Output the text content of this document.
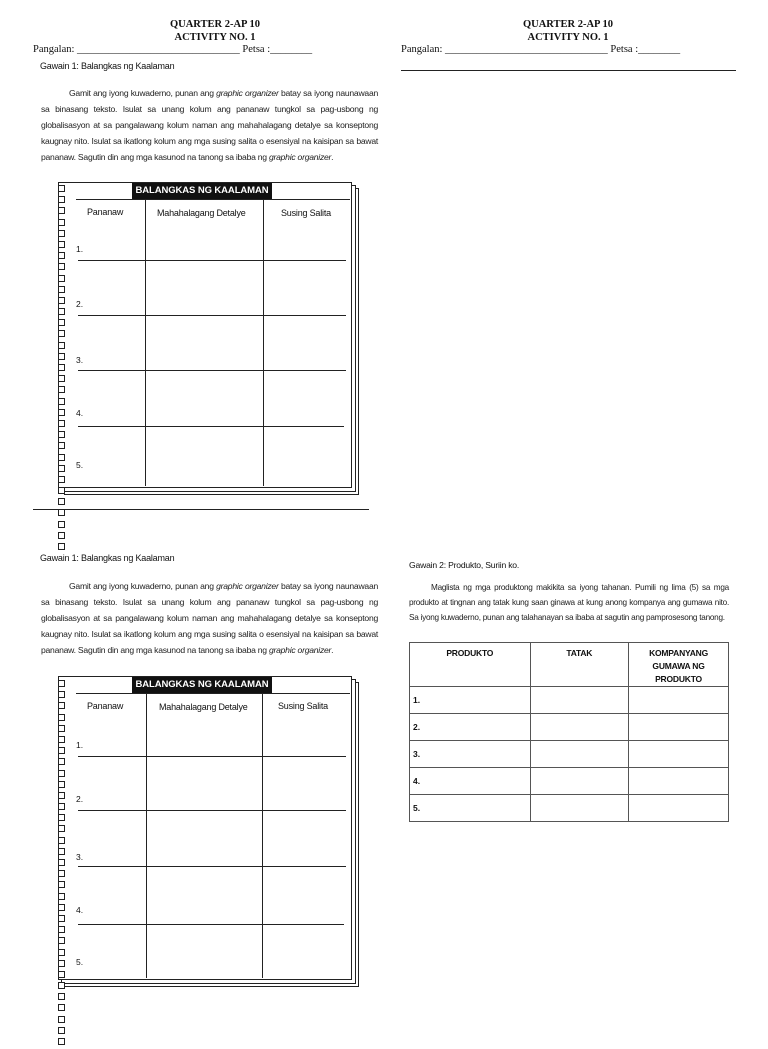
QUARTER 2-AP 10
ACTIVITY NO. 1
Pangalan: _______________________________ Petsa :________
QUARTER 2-AP 10
ACTIVITY NO. 1
Pangalan: _______________________________ Petsa :________
Gawain 1: Balangkas ng Kaalaman
Gamit ang iyong kuwaderno, punan ang graphic organizer batay sa iyong naunawaan sa binasang teksto. Isulat sa unang kolum ang pananaw tungkol sa pag-usbong ng globalisasyon at sa pangalawang kolum naman ang mahahalagang detalye sa konseptong kaugnay nito. Isulat sa ikatlong kolum ang mga susing salita o esensiyal na kaisipan sa bawat pananaw. Sagutin din ang mga kasunod na tanong sa ibaba ng graphic organizer.
BALANGKAS NG KAALAMAN
Pananaw	Mahahalagang Detalye	Susing Salita
1.
2.
3.
4.
5.
Gawain 1: Balangkas ng Kaalaman
Gamit ang iyong kuwaderno, punan ang graphic organizer batay sa iyong naunawaan sa binasang teksto. Isulat sa unang kolum ang pananaw tungkol sa pag-usbong ng globalisasyon at sa pangalawang kolum naman ang mahahalagang detalye sa konseptong kaugnay nito. Isulat sa ikatlong kolum ang mga susing salita o esensiyal na kaisipan sa bawat pananaw. Sagutin din ang mga kasunod na tanong sa ibaba ng graphic organizer.
BALANGKAS NG KAALAMAN
Pananaw	Mahahalagang Detalye	Susing Salita
1.
2.
3.
4.
5.
Gawain 2: Produkto, Suriin ko.
Maglista ng mga produktong makikita sa iyong tahanan. Pumili ng lima (5) sa mga produkto at tingnan ang tatak kung saan ginawa at kung anong kompanya ang gumawa nito. Sa iyong kuwaderno, punan ang talahanayan sa ibaba at sagutin ang pamprosesong tanong.
PRODUKTO	TATAK	KOMPANYANG GUMAWA NG PRODUKTO
1.		
2.		
3.		
4.		
5.		
